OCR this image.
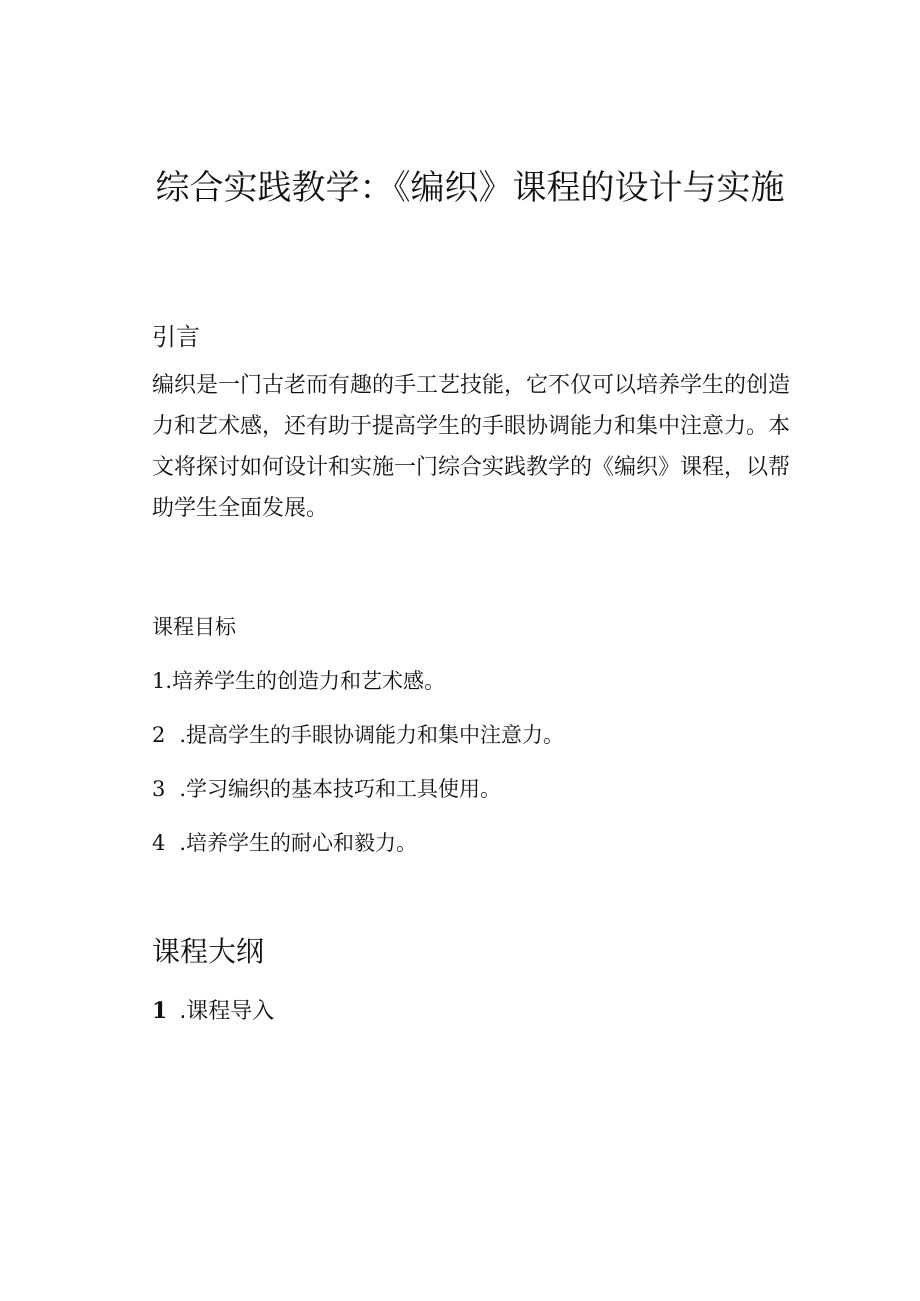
综合实践教学：《编织》课程的设计与实施
引言

编织是一门古老而有趣的手工艺技能，它不仅可以培养学生的创造力和艺术感，还有助于提高学生的手眼协调能力和集中注意力。本文将探讨如何设计和实施一门综合实践教学的《编织》课程，以帮助学生全面发展。

课程目标

1.培养学生的创造力和艺术感。

2 .提高学生的手眼协调能力和集中注意力。

3 .学习编织的基本技巧和工具使用。

4 .培养学生的耐心和毅力。

课程大纲

1 .课程导入
